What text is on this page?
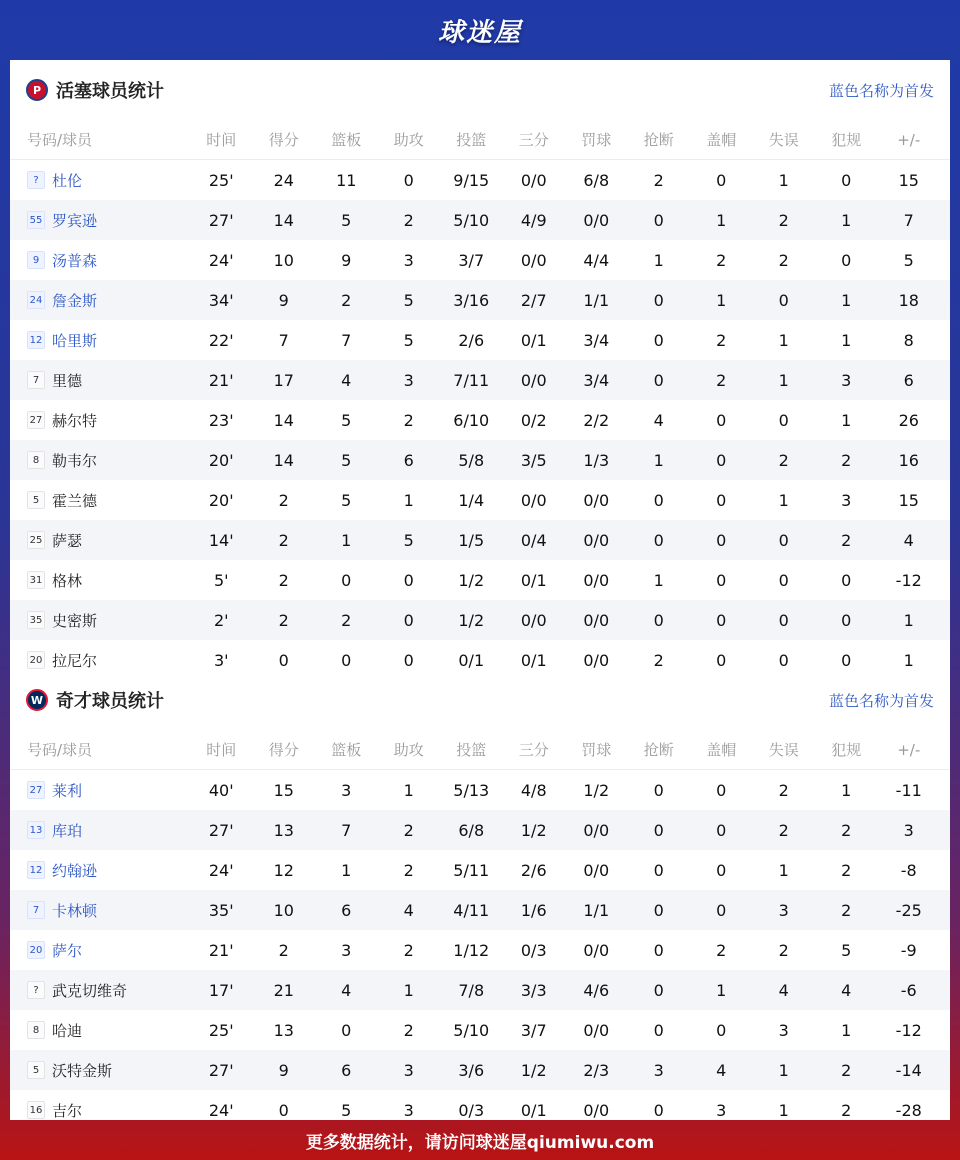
球迷屋
P 活塞球员统计	蓝色名称为首发
号码/球员	时间	得分	篮板	助攻	投篮	三分	罚球	抢断	盖帽	失误	犯规	+/-
? 杜伦	25'	24	11	0	9/15	0/0	6/8	2	0	1	0	15
55 罗宾逊	27'	14	5	2	5/10	4/9	0/0	0	1	2	1	7
9 汤普森	24'	10	9	3	3/7	0/0	4/4	1	2	2	0	5
24 詹金斯	34'	9	2	5	3/16	2/7	1/1	0	1	0	1	18
12 哈里斯	22'	7	7	5	2/6	0/1	3/4	0	2	1	1	8
7 里德	21'	17	4	3	7/11	0/0	3/4	0	2	1	3	6
27 赫尔特	23'	14	5	2	6/10	0/2	2/2	4	0	0	1	26
8 勒韦尔	20'	14	5	6	5/8	3/5	1/3	1	0	2	2	16
5 霍兰德	20'	2	5	1	1/4	0/0	0/0	0	0	1	3	15
25 萨瑟	14'	2	1	5	1/5	0/4	0/0	0	0	0	2	4
31 格林	5'	2	0	0	1/2	0/1	0/0	1	0	0	0	-12
35 史密斯	2'	2	2	0	1/2	0/0	0/0	0	0	0	0	1
20 拉尼尔	3'	0	0	0	0/1	0/1	0/0	2	0	0	0	1
W 奇才球员统计	蓝色名称为首发
号码/球员	时间	得分	篮板	助攻	投篮	三分	罚球	抢断	盖帽	失误	犯规	+/-
27 莱利	40'	15	3	1	5/13	4/8	1/2	0	0	2	1	-11
13 库珀	27'	13	7	2	6/8	1/2	0/0	0	0	2	2	3
12 约翰逊	24'	12	1	2	5/11	2/6	0/0	0	0	1	2	-8
7 卡林顿	35'	10	6	4	4/11	1/6	1/1	0	0	3	2	-25
20 萨尔	21'	2	3	2	1/12	0/3	0/0	0	2	2	5	-9
? 武克切维奇	17'	21	4	1	7/8	3/3	4/6	0	1	4	4	-6
8 哈迪	25'	13	0	2	5/10	3/7	0/0	0	0	3	1	-12
5 沃特金斯	27'	9	6	3	3/6	1/2	2/3	3	4	1	2	-14
16 吉尔	24'	0	5	3	0/3	0/1	0/0	0	3	1	2	-28
更多数据统计，请访问球迷屋qiumiwu.com
